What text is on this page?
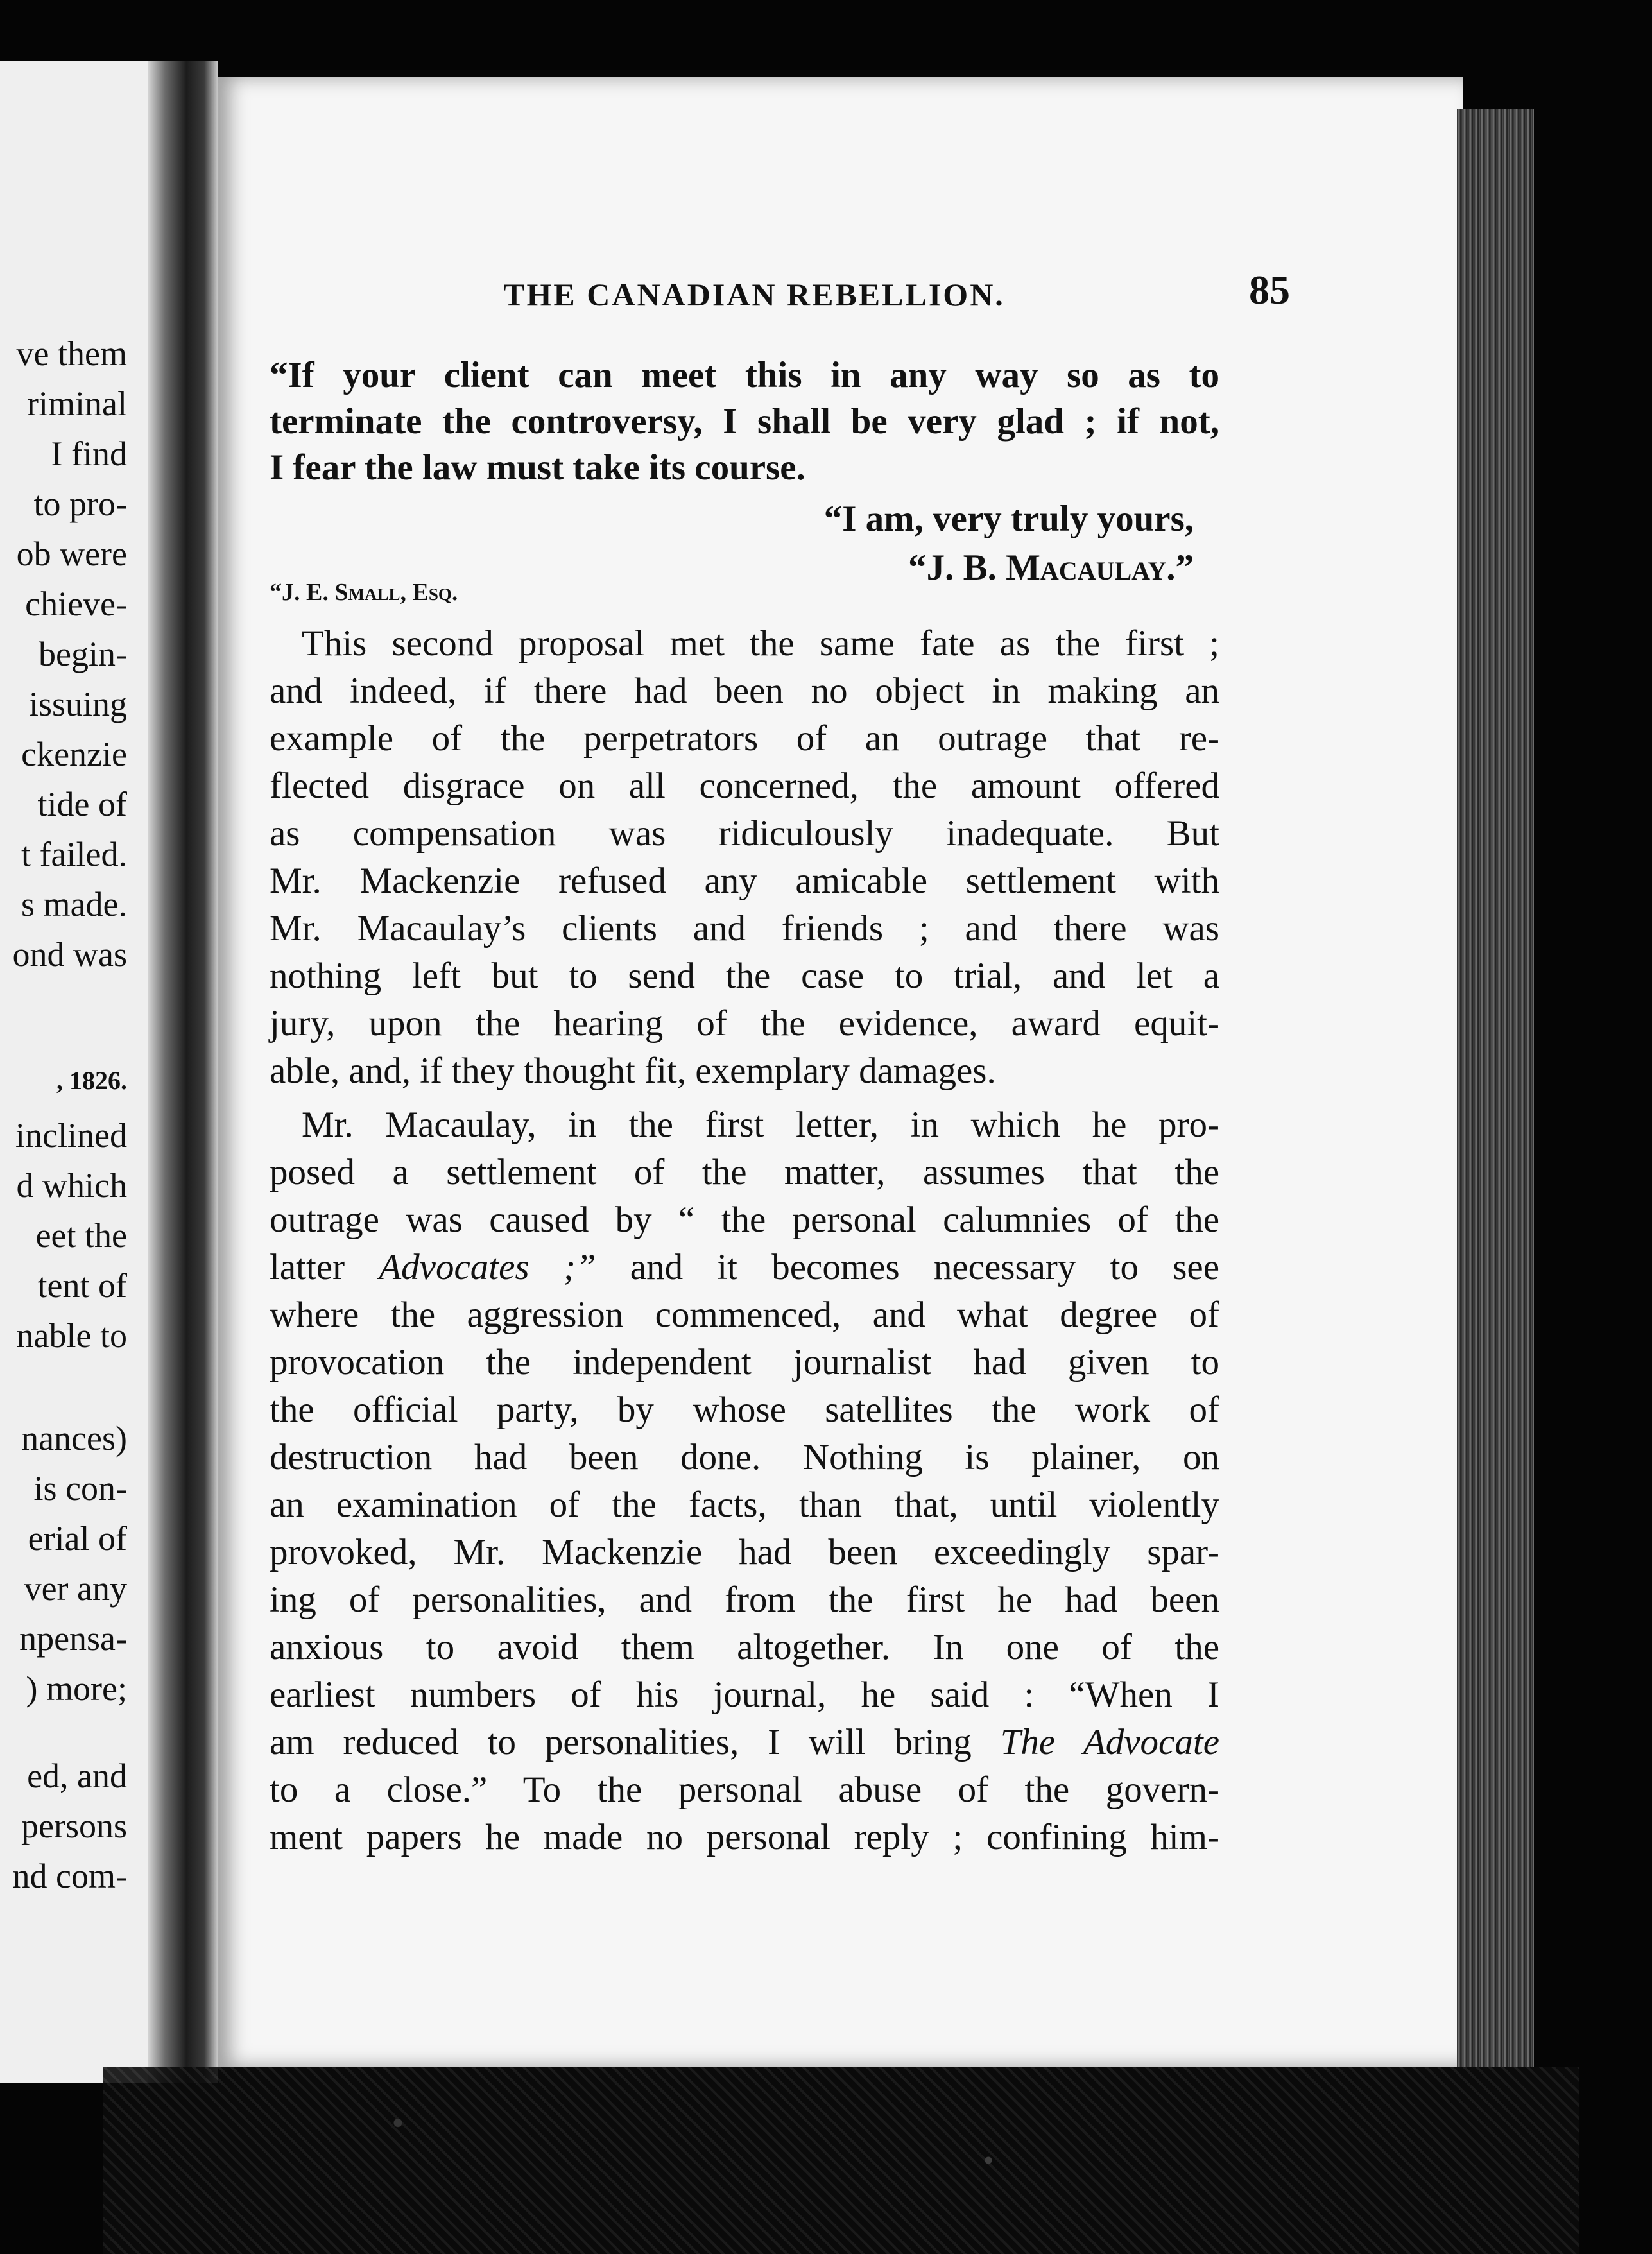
ve them
riminal
I find
to pro-
ob were
chieve-
begin-
issuing
ckenzie
tide of
t failed.
s made.
ond was
, 1826.
inclined
d which
eet the
tent of
nable to
nances)
is con-
erial of
ver any
npensa-
) more;
ed, and
persons
nd com-
THE CANADIAN REBELLION.	85
“If your client can meet this in any way so as to
terminate the controversy, I shall be very glad ; if not,
I fear the law must take its course.
“I am, very truly yours,
“J. B. Macaulay.”
“J. E. Small, Esq.
This second proposal met the same fate as the first ;
and indeed, if there had been no object in making an
example of the perpetrators of an outrage that re-
flected disgrace on all concerned, the amount offered
as compensation was ridiculously inadequate. But
Mr. Mackenzie refused any amicable settlement with
Mr. Macaulay’s clients and friends ; and there was
nothing left but to send the case to trial, and let a
jury, upon the hearing of the evidence, award equit-
able, and, if they thought fit, exemplary damages.
Mr. Macaulay, in the first letter, in which he pro-
posed a settlement of the matter, assumes that the
outrage was caused by “ the personal calumnies of the
latter Advocates ;” and it becomes necessary to see
where the aggression commenced, and what degree of
provocation the independent journalist had given to
the official party, by whose satellites the work of
destruction had been done. Nothing is plainer, on
an examination of the facts, than that, until violently
provoked, Mr. Mackenzie had been exceedingly spar-
ing of personalities, and from the first he had been
anxious to avoid them altogether. In one of the
earliest numbers of his journal, he said : “When I
am reduced to personalities, I will bring The Advocate
to a close.” To the personal abuse of the govern-
ment papers he made no personal reply ; confining him-
